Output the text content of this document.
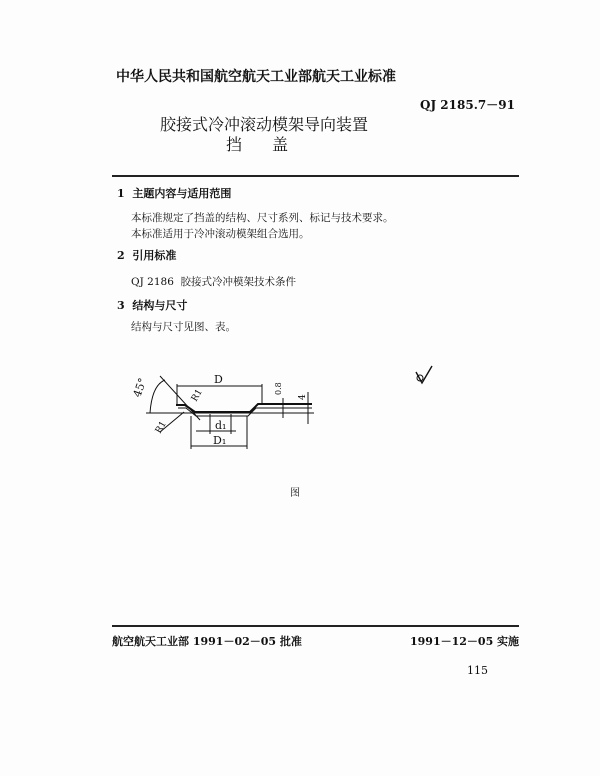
中华人民共和国航空航天工业部航天工业标准
QJ 2185.7－91
胶接式冷冲滚动模架导向装置
挡盖
1 主题内容与适用范围
本标准规定了挡盖的结构、尺寸系列、标记与技术要求。
本标准适用于冷冲滚动模架组合选用。
2 引用标准
QJ 2186  胶接式冷冲模架技术条件
3 结构与尺寸
结构与尺寸见图、表。
D
45°	R1
R1
0.8
4
d₁
D₁
图
航空航天工业部 1991－02－05 批准	1991－12－05 实施
115
